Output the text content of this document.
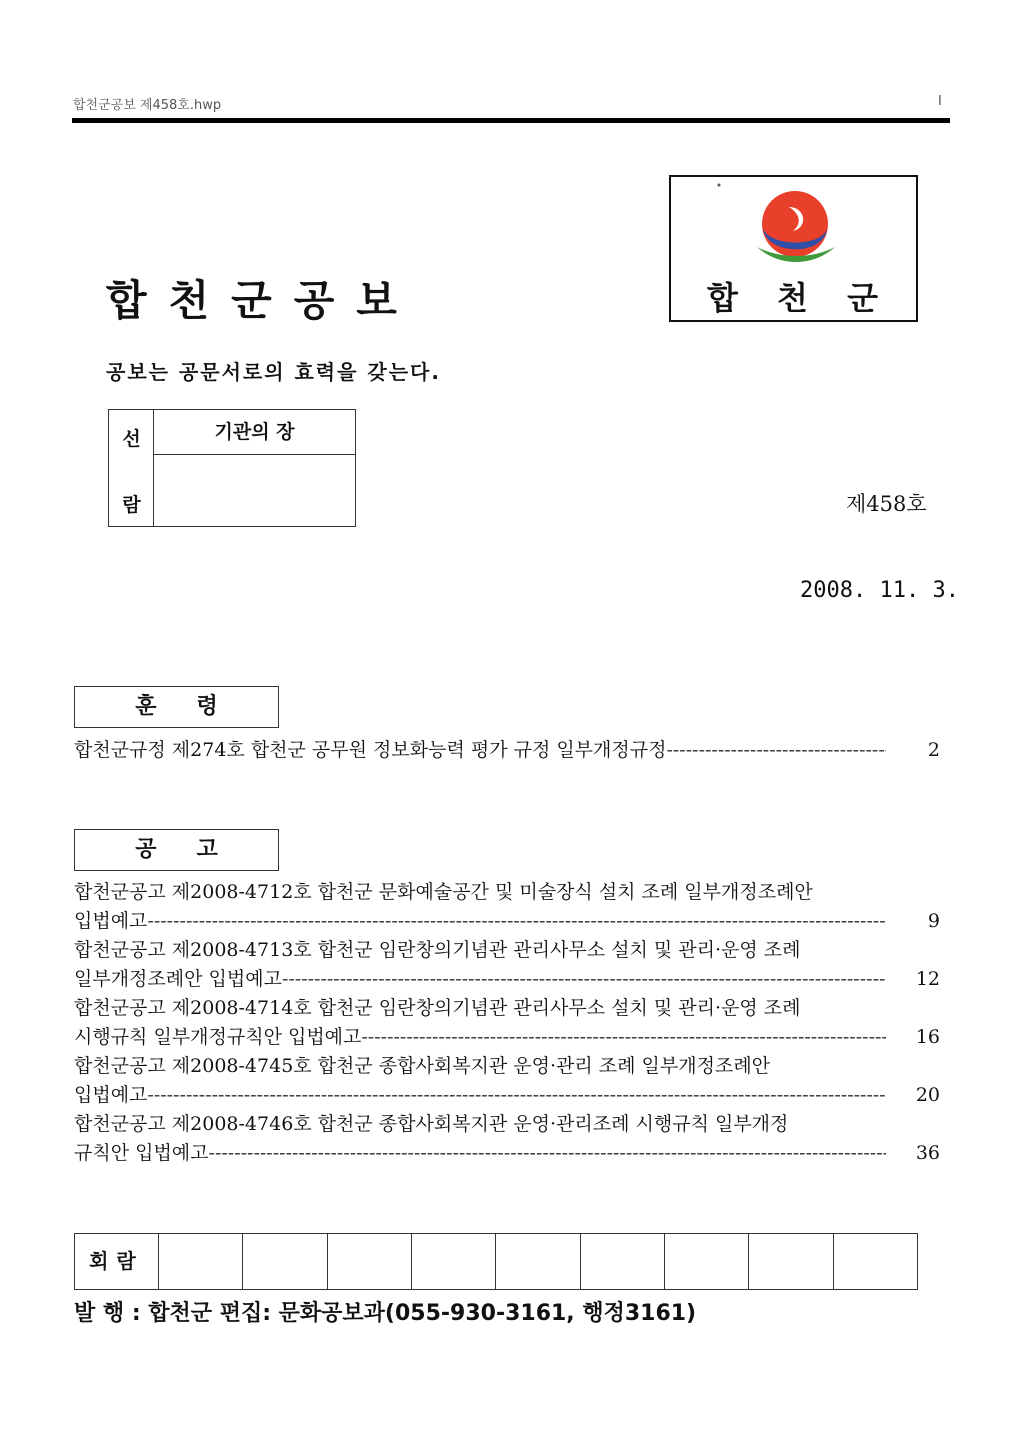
합천군공보 제458호.hwp	I
합 천 군
합천군공보
공보는 공문서로의 효력을 갖는다.
선
람
기관의 장
제458호
2008. 11. 3.
훈령
합천군규정 제274호 합천군 공무원 정보화능력 평가 규정 일부개정규정 -----	2
공고
합천군공고 제2008-4712호 합천군 문화예술공간 및 미술장식 설치 조례 일부개정조례안
입법예고 -----	9
합천군공고 제2008-4713호 합천군 임란창의기념관 관리사무소 설치 및 관리·운영 조례
일부개정조례안 입법예고 -----	12
합천군공고 제2008-4714호 합천군 임란창의기념관 관리사무소 설치 및 관리·운영 조례
시행규칙 일부개정규칙안 입법예고 -----	16
합천군공고 제2008-4745호 합천군 종합사회복지관 운영·관리 조례 일부개정조례안
입법예고 -----	20
합천군공고 제2008-4746호 합천군 종합사회복지관 운영·관리조례 시행규칙 일부개정
규칙안 입법예고 -----	36
회람
발 행 : 합천군 편집: 문화공보과(055-930-3161, 행정3161)
